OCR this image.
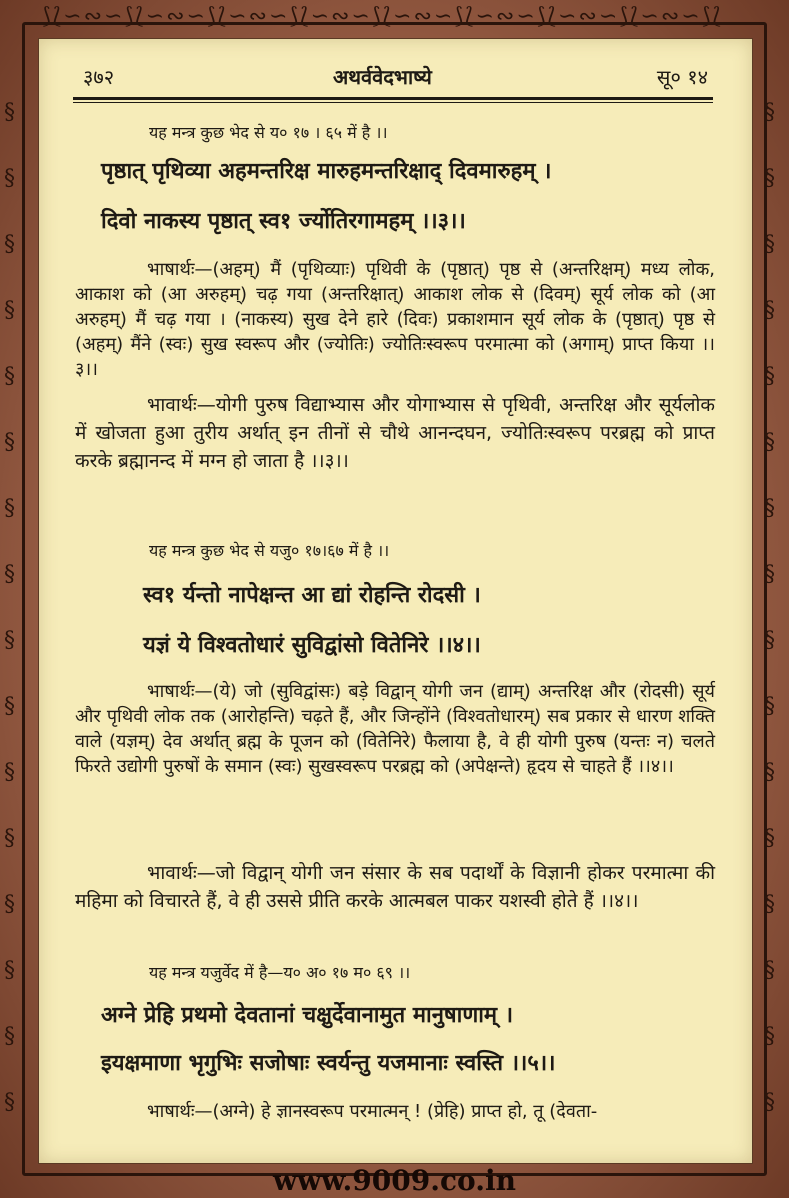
⟆⟅∽∾∽⟆⟅∽∾∽⟆⟅∽∾∽⟆⟅∽∾∽⟆⟅∽∾∽⟆⟅∽∾∽⟆⟅∽∾∽⟆⟅∽∾∽⟆⟅
§ § § § § § § § § § § § § § § §
§ § § § § § § § § § § § § § § §
३७२	अथर्ववेदभाष्ये	सू० १४
यह मन्त्र कुछ भेद से य० १७ । ६५ में है ।।
पृष्ठात् पृथिव्या अहमन्तरिक्ष मारुहमन्तरिक्षाद् दिवमारुहम् ।
दिवो नाकस्य पृष्ठात् स्व१ र्ज्योतिरगामहम् ।।३।।
भाषार्थः—(अहम्) मैं (पृथिव्याः) पृथिवी के (पृष्ठात्) पृष्ठ से (अन्तरिक्षम्) मध्य लोक, आकाश को (आ अरुहम्) चढ़ गया (अन्तरिक्षात्) आकाश लोक से (दिवम्) सूर्य लोक को (आ अरुहम्) मैं चढ़ गया । (नाकस्य) सुख देने हारे (दिवः) प्रकाशमान सूर्य लोक के (पृष्ठात्) पृष्ठ से (अहम्) मैंने (स्वः) सुख स्वरूप और (ज्योतिः) ज्योतिःस्वरूप परमात्मा को (अगाम्) प्राप्त किया ।।३।।
भावार्थः—योगी पुरुष विद्याभ्यास और योगाभ्यास से पृथिवी, अन्तरिक्ष और सूर्यलोक में खोजता हुआ तुरीय अर्थात् इन तीनों से चौथे आनन्दघन, ज्योतिःस्वरूप परब्रह्म को प्राप्त करके ब्रह्मानन्द में मग्न हो जाता है ।।३।।
यह मन्त्र कुछ भेद से यजु० १७।६७ में है ।।
स्व१ र्यन्तो नापेक्षन्त आ द्यां रोहन्ति रोदसी ।
यज्ञं ये विश्वतोधारं सुविद्वांसो वितेनिरे ।।४।।
भाषार्थः—(ये) जो (सुविद्वांसः) बड़े विद्वान् योगी जन (द्याम्) अन्तरिक्ष और (रोदसी) सूर्य और पृथिवी लोक तक (आरोहन्ति) चढ़ते हैं, और जिन्होंने (विश्वतोधारम्) सब प्रकार से धारण शक्ति वाले (यज्ञम्) देव अर्थात् ब्रह्म के पूजन को (वितेनिरे) फैलाया है, वे ही योगी पुरुष (यन्तः न) चलते फिरते उद्योगी पुरुषों के समान (स्वः) सुखस्वरूप परब्रह्म को (अपेक्षन्ते) हृदय से चाहते हैं ।।४।।
भावार्थः—जो विद्वान् योगी जन संसार के सब पदार्थों के विज्ञानी होकर परमात्मा की महिमा को विचारते हैं, वे ही उससे प्रीति करके आत्मबल पाकर यशस्वी होते हैं ।।४।।
यह मन्त्र यजुर्वेद में है—य० अ० १७ म० ६९ ।।
अग्ने प्रेहि प्रथमो देवतानां चक्षुर्देवानामुत मानुषाणाम् ।
इयक्षमाणा भृगुभिः सजोषाः स्वर्यन्तु यजमानाः स्वस्ति ।।५।।
भाषार्थः—(अग्ने) हे ज्ञानस्वरूप परमात्मन् ! (प्रेहि) प्राप्त हो, तू (देवता-
www.9009.co.in
